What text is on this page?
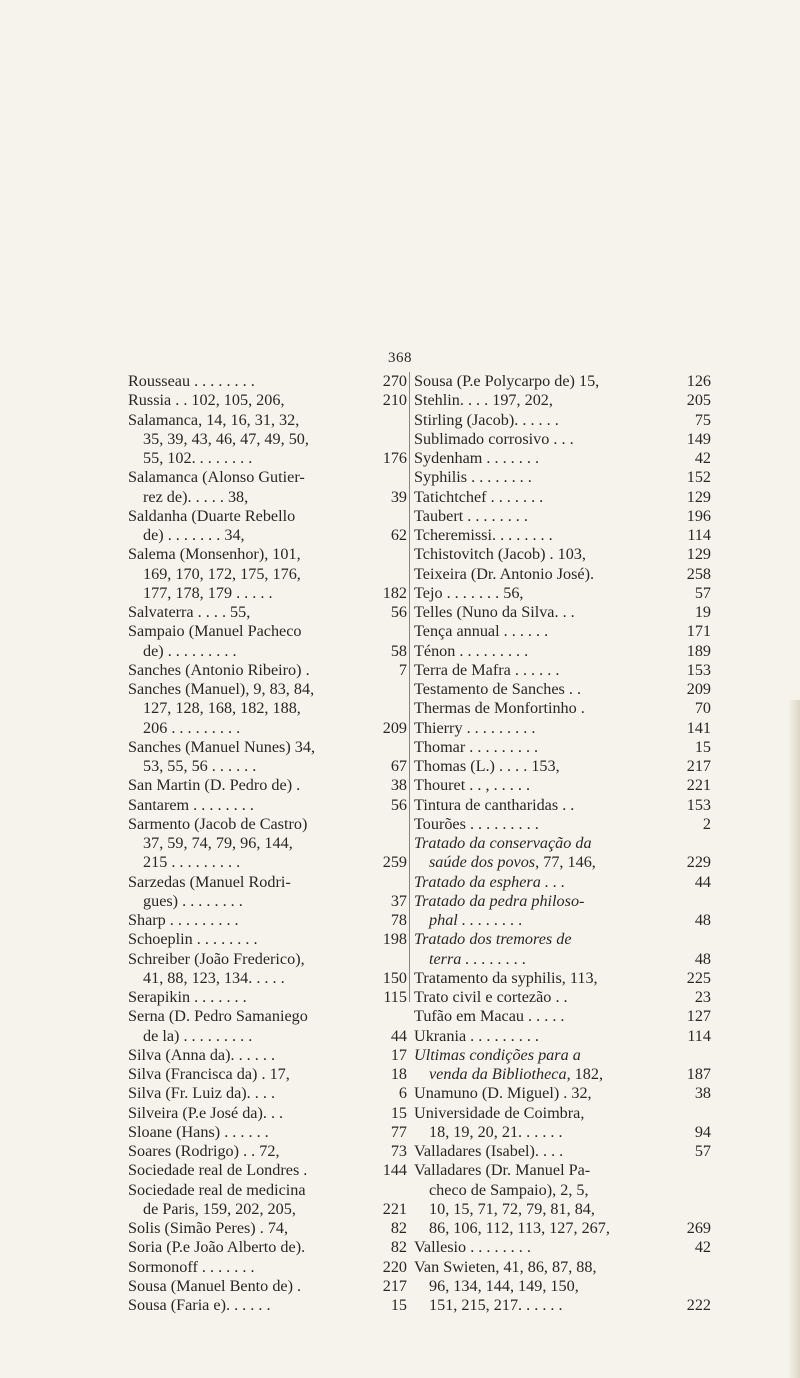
368
Rousseau . . . . . . . .	270
Russia . . 102, 105, 206,	210
Salamanca, 14, 16, 31, 32,
35, 39, 43, 46, 47, 49, 50,
55, 102. . . . . . . .	176
Salamanca (Alonso Gutier-
rez de). . . . . 38,	39
Saldanha (Duarte Rebello
de) . . . . . . . 34,	62
Salema (Monsenhor), 101,
169, 170, 172, 175, 176,
177, 178, 179 . . . . .	182
Salvaterra . . . . 55,	56
Sampaio (Manuel Pacheco
de) . . . . . . . . .	58
Sanches (Antonio Ribeiro) .	7
Sanches (Manuel), 9, 83, 84,
127, 128, 168, 182, 188,
206 . . . . . . . . .	209
Sanches (Manuel Nunes) 34,
53, 55, 56 . . . . . .	67
San Martin (D. Pedro de) .	38
Santarem . . . . . . . .	56
Sarmento (Jacob de Castro)
37, 59, 74, 79, 96, 144,
215 . . . . . . . . .	259
Sarzedas (Manuel Rodri-
gues) . . . . . . . .	37
Sharp . . . . . . . . .	78
Schoeplin . . . . . . . .	198
Schreiber (João Frederico),
41, 88, 123, 134. . . . .	150
Serapikin . . . . . . .	115
Serna (D. Pedro Samaniego
de la) . . . . . . . . .	44
Silva (Anna da). . . . . .	17
Silva (Francisca da) . 17,	18
Silva (Fr. Luiz da). . . .	6
Silveira (P.e José da). . .	15
Sloane (Hans) . . . . . .	77
Soares (Rodrigo) . . 72,	73
Sociedade real de Londres .	144
Sociedade real de medicina
de Paris, 159, 202, 205,	221
Solis (Simão Peres) . 74,	82
Soria (P.e João Alberto de).	82
Sormonoff . . . . . . .	220
Sousa (Manuel Bento de) .	217
Sousa (Faria e). . . . . .	15
Sousa (P.e Polycarpo de) 15,	126
Stehlin. . . . 197, 202,	205
Stirling (Jacob). . . . . .	75
Sublimado corrosivo . . .	149
Sydenham . . . . . . .	42
Syphilis . . . . . . . .	152
Tatichtchef . . . . . . .	129
Taubert . . . . . . . .	196
Tcheremissi. . . . . . . .	114
Tchistovitch (Jacob) . 103,	129
Teixeira (Dr. Antonio José).	258
Tejo . . . . . . . 56,	57
Telles (Nuno da Silva. . .	19
Tença annual . . . . . .	171
Ténon . . . . . . . . .	189
Terra de Mafra . . . . . .	153
Testamento de Sanches . .	209
Thermas de Monfortinho .	70
Thierry . . . . . . . . .	141
Thomar . . . . . . . . .	15
Thomas (L.) . . . . 153,	217
Thouret . . , . . . . .	221
Tintura de cantharidas . .	153
Tourões . . . . . . . . .	2
Tratado da conservação da
saúde dos povos, 77, 146,	229
Tratado da esphera . . .	44
Tratado da pedra philoso-
phal . . . . . . . .	48
Tratado dos tremores de
terra . . . . . . . .	48
Tratamento da syphilis, 113,	225
Trato civil e cortezão . .	23
Tufão em Macau . . . . .	127
Ukrania . . . . . . . . .	114
Ultimas condições para a
venda da Bibliotheca, 182,	187
Unamuno (D. Miguel) . 32,	38
Universidade de Coimbra,
18, 19, 20, 21. . . . . .	94
Valladares (Isabel). . . .	57
Valladares (Dr. Manuel Pa-
checo de Sampaio), 2, 5,
10, 15, 71, 72, 79, 81, 84,
86, 106, 112, 113, 127, 267,	269
Vallesio . . . . . . . .	42
Van Swieten, 41, 86, 87, 88,
96, 134, 144, 149, 150,
151, 215, 217. . . . . .	222
